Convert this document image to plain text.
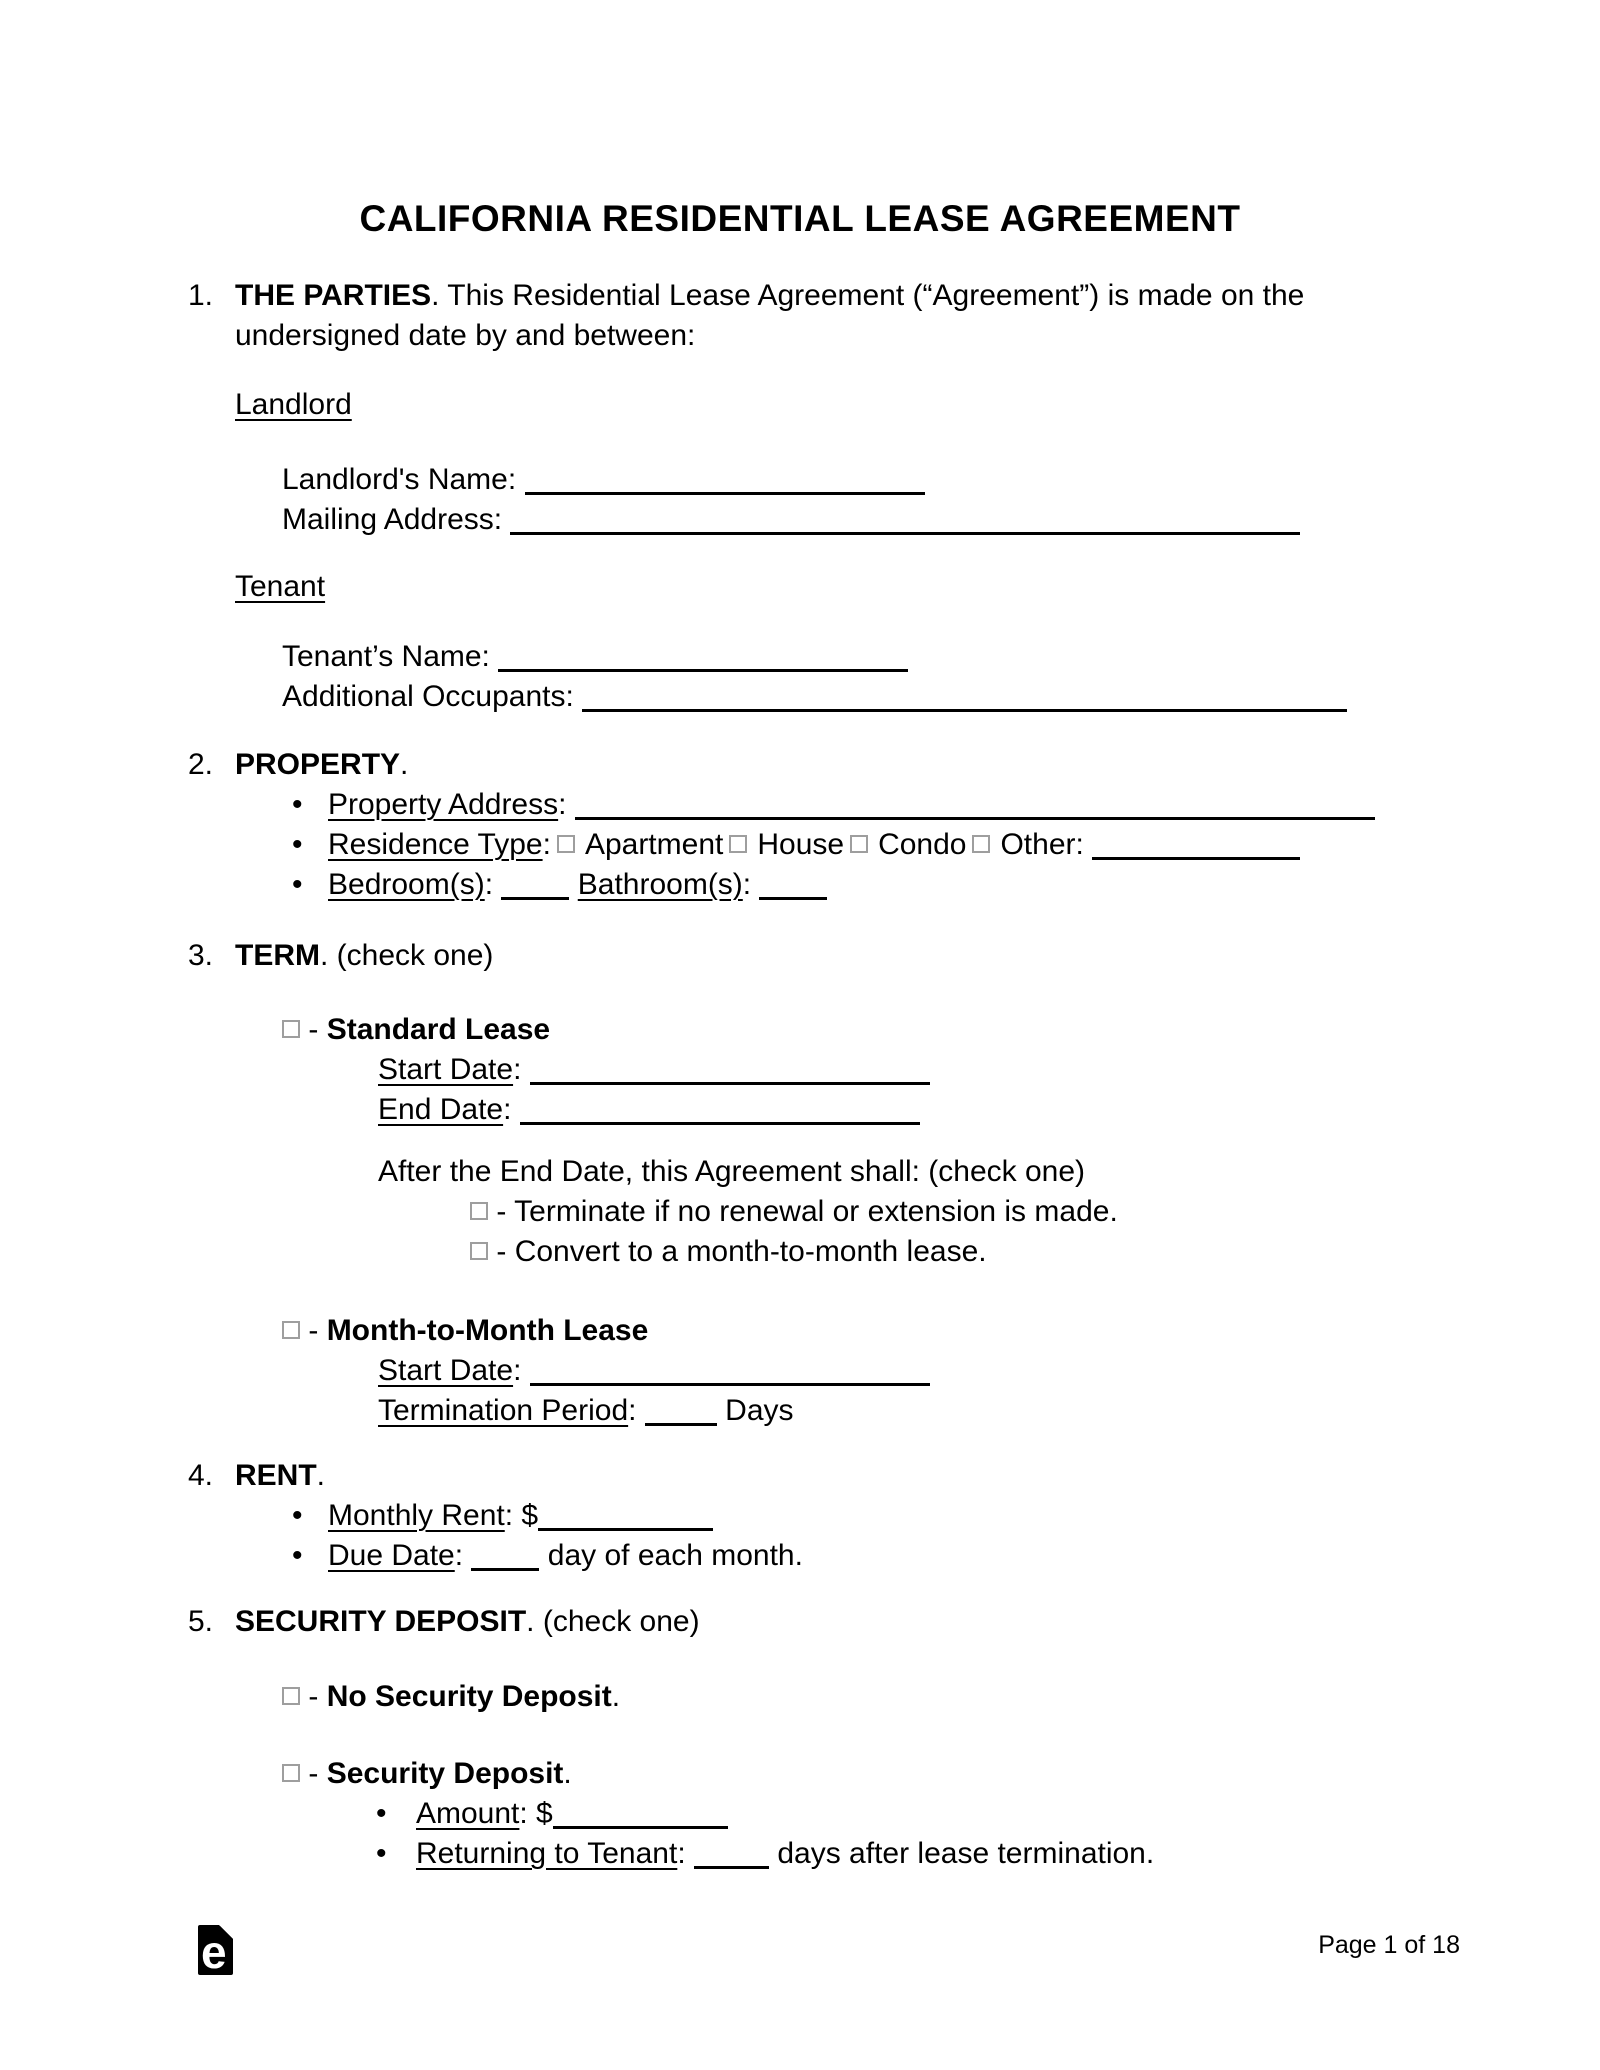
CALIFORNIA RESIDENTIAL LEASE AGREEMENT
1. THE PARTIES. This Residential Lease Agreement (“Agreement”) is made on the undersigned date by and between:
Landlord
Landlord's Name:
Mailing Address:
Tenant
Tenant’s Name:
Additional Occupants:
2. PROPERTY.
• Property Address:
• Residence Type: Apartment House Condo Other:
• Bedroom(s):	Bathroom(s):
3. TERM. (check one)
- Standard Lease
Start Date:
End Date:
After the End Date, this Agreement shall: (check one)
- Terminate if no renewal or extension is made.
- Convert to a month-to-month lease.
- Month-to-Month Lease
Start Date:
Termination Period:	Days
4. RENT.
• Monthly Rent: $
• Due Date:	day of each month.
5. SECURITY DEPOSIT. (check one)
- No Security Deposit.
- Security Deposit.
• Amount: $
• Returning to Tenant:	days after lease termination.
e	Page 1 of 18
